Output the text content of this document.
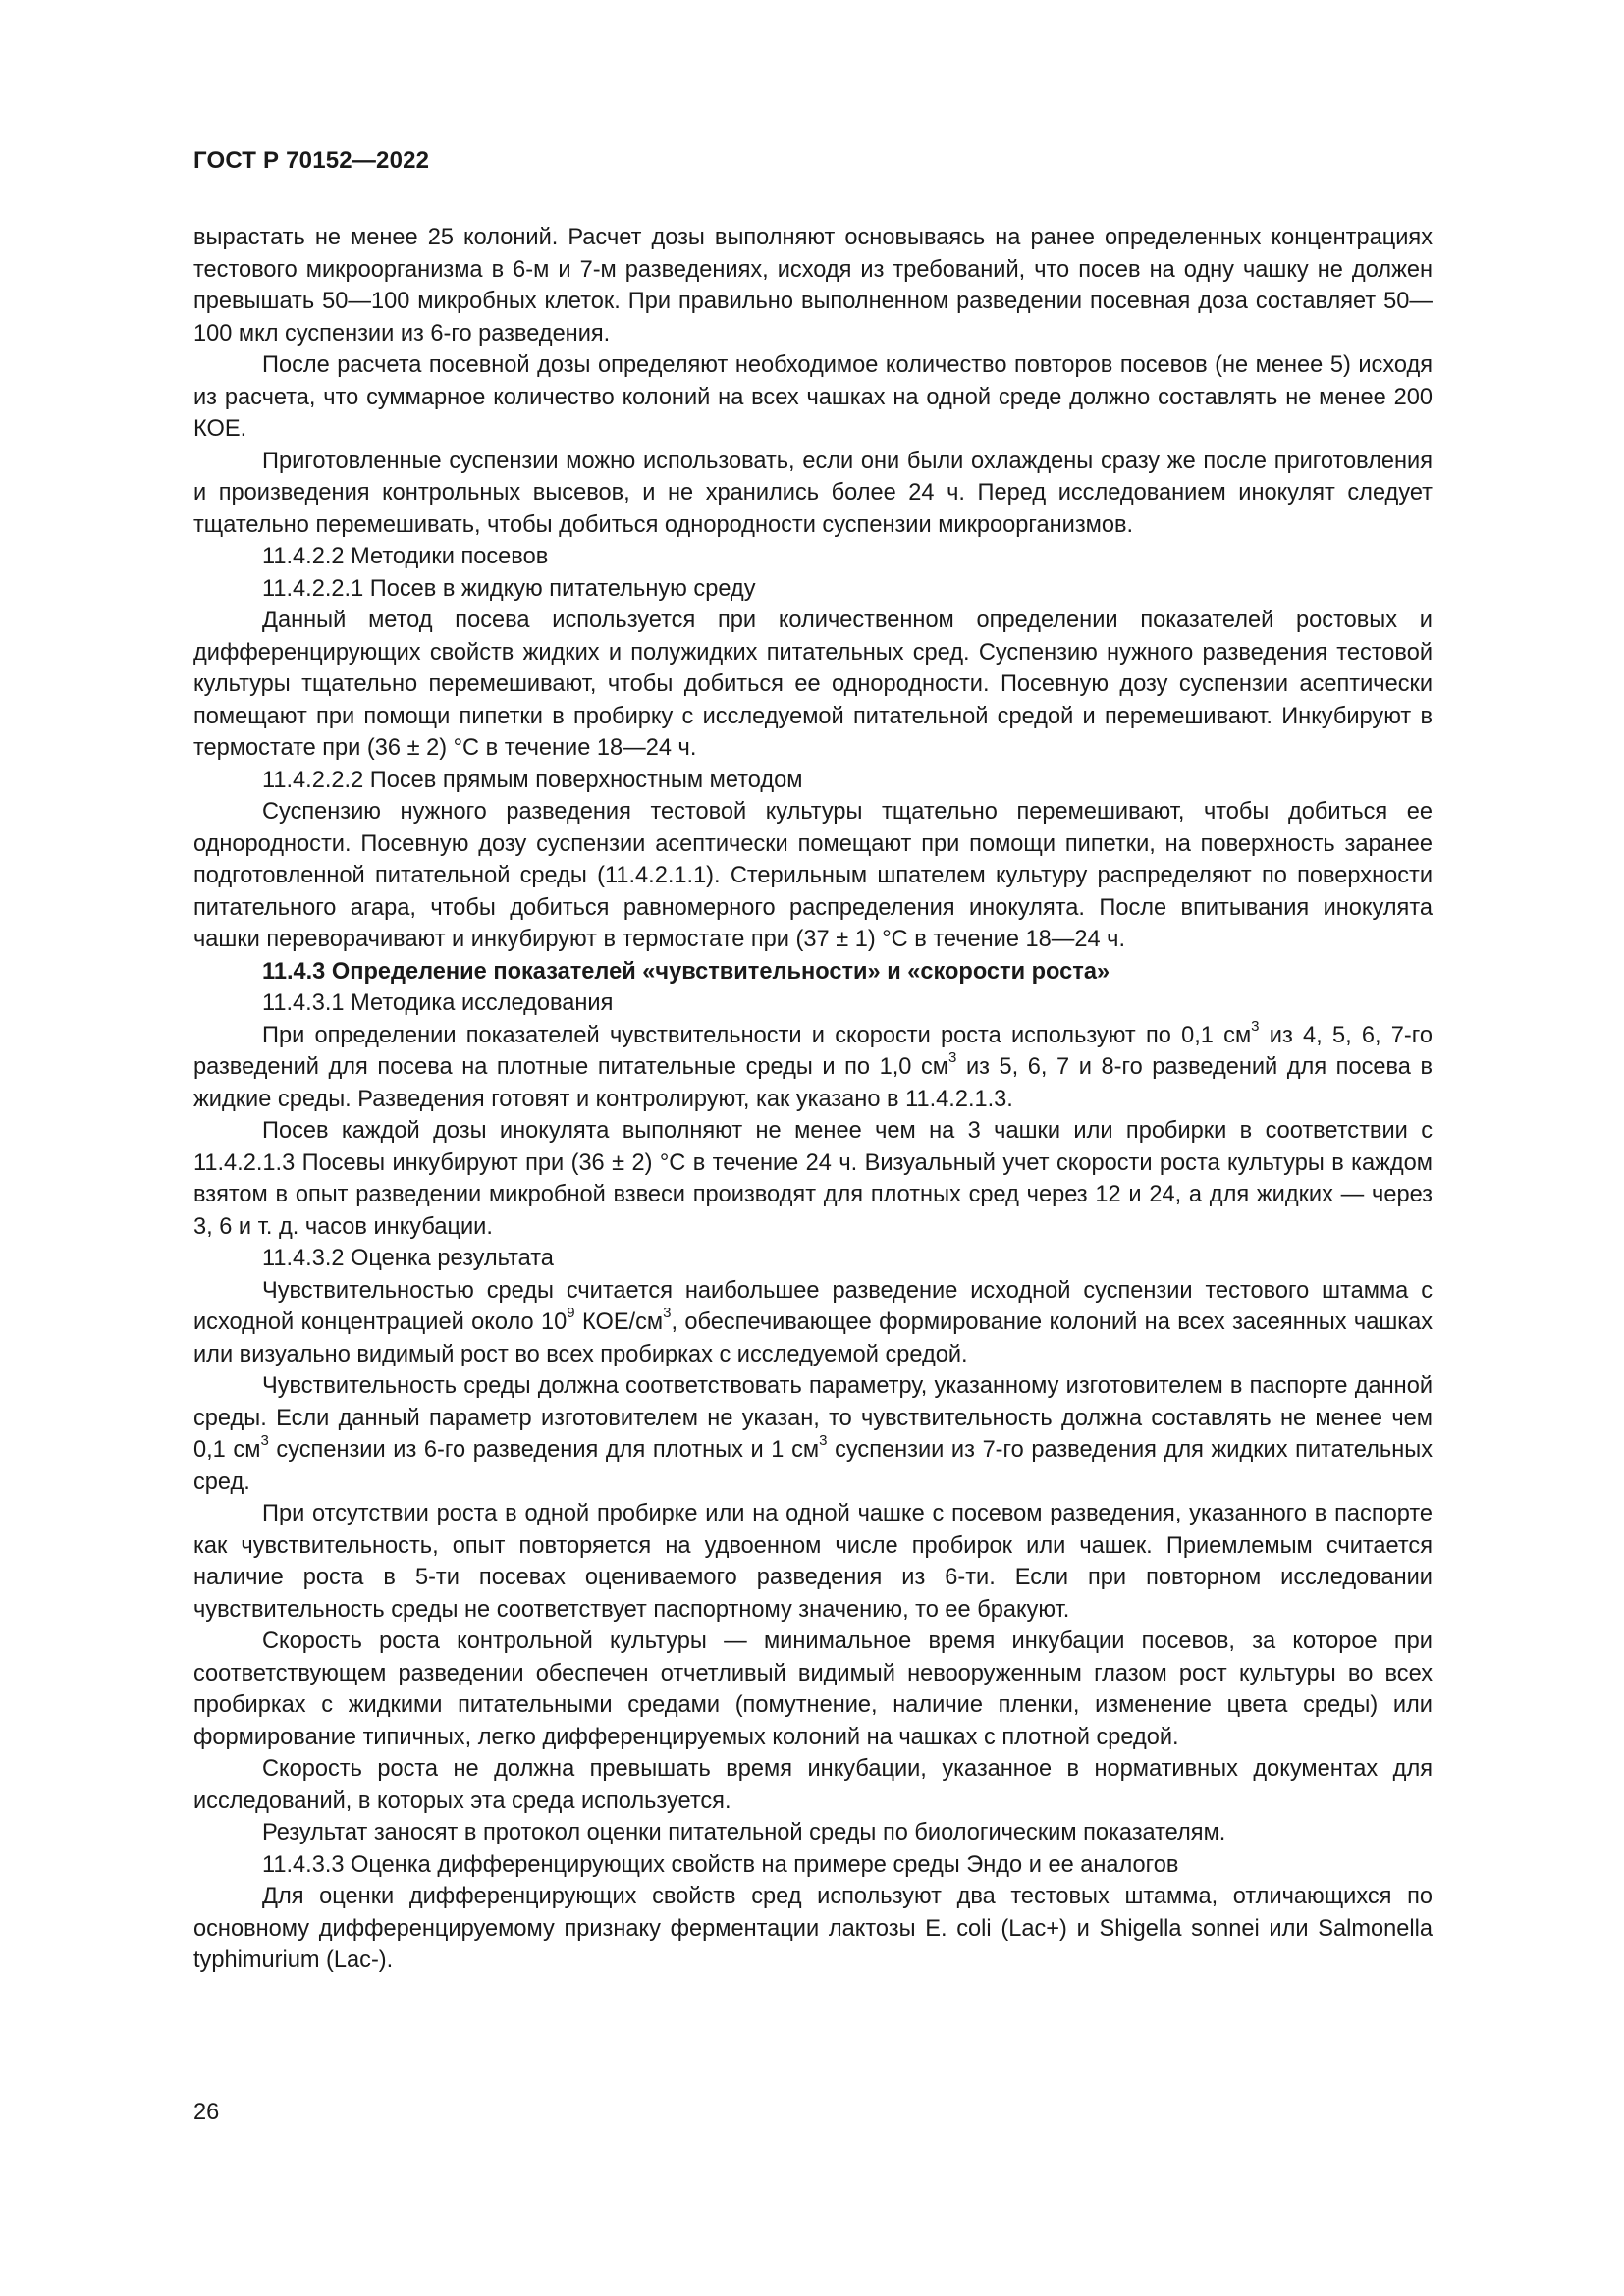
ГОСТ Р 70152—2022

вырастать не менее 25 колоний. Расчет дозы выполняют основываясь на ранее определенных концентрациях тестового микроорганизма в 6-м и 7-м разведениях, исходя из требований, что посев на одну чашку не должен превышать 50—100 микробных клеток. При правильно выполненном разведении посевная доза составляет 50—100 мкл суспензии из 6-го разведения.

После расчета посевной дозы определяют необходимое количество повторов посевов (не менее 5) исходя из расчета, что суммарное количество колоний на всех чашках на одной среде должно составлять не менее 200 КОЕ.

Приготовленные суспензии можно использовать, если они были охлаждены сразу же после приготовления и произведения контрольных высевов, и не хранились более 24 ч. Перед исследованием инокулят следует тщательно перемешивать, чтобы добиться однородности суспензии микроорганизмов.

11.4.2.2 Методики посевов

11.4.2.2.1 Посев в жидкую питательную среду

Данный метод посева используется при количественном определении показателей ростовых и дифференцирующих свойств жидких и полужидких питательных сред. Суспензию нужного разведения тестовой культуры тщательно перемешивают, чтобы добиться ее однородности. Посевную дозу суспензии асептически помещают при помощи пипетки в пробирку с исследуемой питательной средой и перемешивают. Инкубируют в термостате при (36 ± 2) °С в течение 18—24 ч.

11.4.2.2.2 Посев прямым поверхностным методом

Суспензию нужного разведения тестовой культуры тщательно перемешивают, чтобы добиться ее однородности. Посевную дозу суспензии асептически помещают при помощи пипетки, на поверхность заранее подготовленной питательной среды (11.4.2.1.1). Стерильным шпателем культуру распределяют по поверхности питательного агара, чтобы добиться равномерного распределения инокулята. После впитывания инокулята чашки переворачивают и инкубируют в термостате при (37 ± 1) °С в течение 18—24 ч.

11.4.3 Определение показателей «чувствительности» и «скорости роста»

11.4.3.1 Методика исследования

При определении показателей чувствительности и скорости роста используют по 0,1 $см^3$ из 4, 5, 6, 7-го разведений для посева на плотные питательные среды и по 1,0 $см^3$ из 5, 6, 7 и 8-го разведений для посева в жидкие среды. Разведения готовят и контролируют, как указано в 11.4.2.1.3.

Посев каждой дозы инокулята выполняют не менее чем на 3 чашки или пробирки в соответствии с 11.4.2.1.3 Посевы инкубируют при (36 ± 2) °С в течение 24 ч. Визуальный учет скорости роста культуры в каждом взятом в опыт разведении микробной взвеси производят для плотных сред через 12 и 24, а для жидких — через 3, 6 и т. д. часов инкубации.

11.4.3.2 Оценка результата

Чувствительностью среды считается наибольшее разведение исходной суспензии тестового штамма с исходной концентрацией около $10^9$ КОЕ/$см^3$, обеспечивающее формирование колоний на всех засеянных чашках или визуально видимый рост во всех пробирках с исследуемой средой.

Чувствительность среды должна соответствовать параметру, указанному изготовителем в паспорте данной среды. Если данный параметр изготовителем не указан, то чувствительность должна составлять не менее чем 0,1 $см^3$ суспензии из 6-го разведения для плотных и 1 $см^3$ суспензии из 7-го разведения для жидких питательных сред.

При отсутствии роста в одной пробирке или на одной чашке с посевом разведения, указанного в паспорте как чувствительность, опыт повторяется на удвоенном числе пробирок или чашек. Приемлемым считается наличие роста в 5-ти посевах оцениваемого разведения из 6-ти. Если при повторном исследовании чувствительность среды не соответствует паспортному значению, то ее бракуют.

Скорость роста контрольной культуры — минимальное время инкубации посевов, за которое при соответствующем разведении обеспечен отчетливый видимый невооруженным глазом рост культуры во всех пробирках с жидкими питательными средами (помутнение, наличие пленки, изменение цвета среды) или формирование типичных, легко дифференцируемых колоний на чашках с плотной средой.

Скорость роста не должна превышать время инкубации, указанное в нормативных документах для исследований, в которых эта среда используется.

Результат заносят в протокол оценки питательной среды по биологическим показателям.

11.4.3.3 Оценка дифференцирующих свойств на примере среды Эндо и ее аналогов

Для оценки дифференцирующих свойств сред используют два тестовых штамма, отличающихся по основному дифференцируемому признаку ферментации лактозы E. coli (Lac+) и Shigella sonnei или Salmonella typhimurium (Lac-).

26
